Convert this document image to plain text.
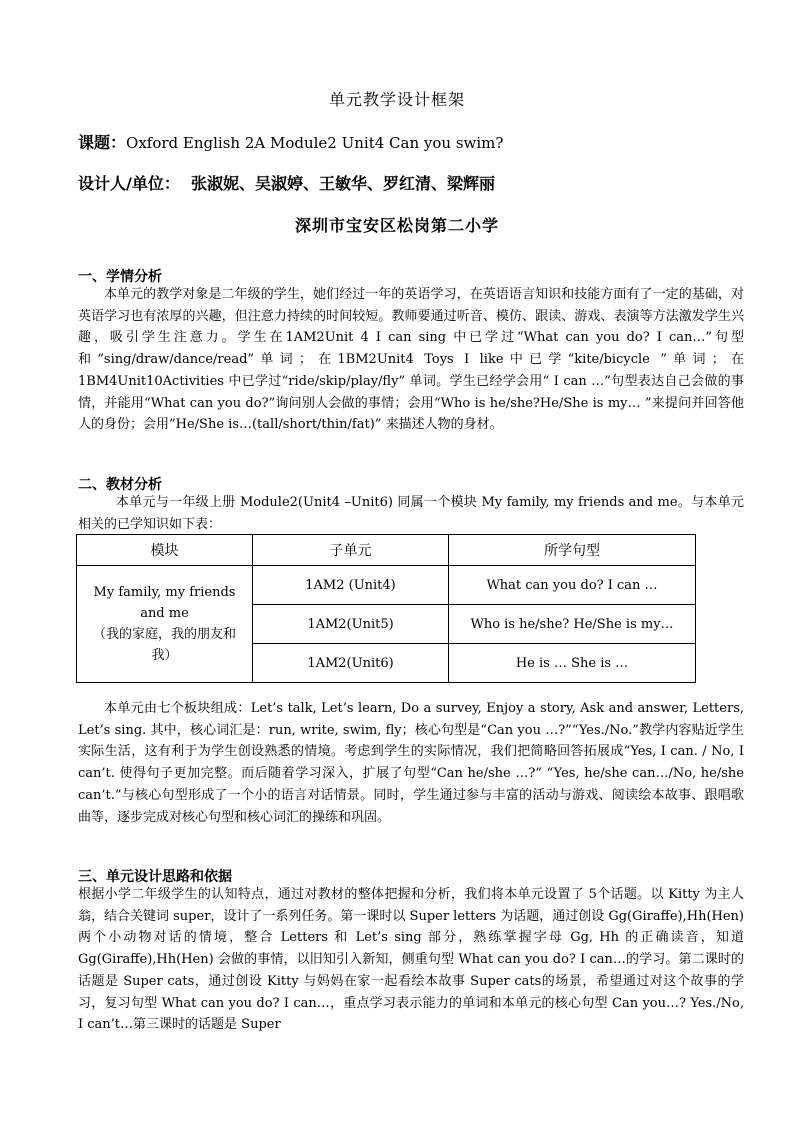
单元教学设计框架
课题：Oxford English 2A Module2 Unit4 Can you swim?
设计人/单位： 张淑妮、吴淑婷、王敏华、罗红清、梁辉丽
深圳市宝安区松岗第二小学
一、学情分析
本单元的教学对象是二年级的学生，她们经过一年的英语学习，在英语语言知识和技能方面有了一定的基础，对英语学习也有浓厚的兴趣，但注意力持续的时间较短。教师要通过听音、模仿、跟读、游戏、表演等方法激发学生兴趣，吸引学生注意力。学生在1AM2Unit 4 I can sing 中已学过“What can you do? I can…”句型和“sing/draw/dance/read”单词；在1BM2Unit4 Toys I like中已学“kite/bicycle ”单词；在1BM4Unit10Activities 中已学过“ride/skip/play/fly” 单词。学生已经学会用“ I can …”句型表达自己会做的事情，并能用“What can you do?”询问别人会做的事情；会用“Who is he/she?He/She is my… ”来提问并回答他人的身份；会用”He/She is…(tall/short/thin/fat)” 来描述人物的身材。
二、教材分析
本单元与一年级上册 Module2(Unit4 –Unit6) 同属一个模块 My family, my friends and me。与本单元相关的已学知识如下表：
模块	子单元	所学句型

My family, my friends and me
（我的家庭，我的朋友和我）	1AM2 (Unit4)	What can you do? I can …
	1AM2(Unit5)	Who is he/she? He/She is my…
	1AM2(Unit6)	He is … She is …
本单元由七个板块组成：Let’s talk, Let’s learn, Do a survey, Enjoy a story, Ask and answer, Letters, Let’s sing. 其中，核心词汇是：run, write, swim, fly；核心句型是“Can you …?”“Yes./No.”教学内容贴近学生实际生活，这有利于为学生创设熟悉的情境。考虑到学生的实际情况，我们把简略回答拓展成“Yes, I can. / No, I can’t. 使得句子更加完整。而后随着学习深入，扩展了句型“Can he/she …?” “Yes, he/she can…/No, he/she can’t.”与核心句型形成了一个小的语言对话情景。同时，学生通过参与丰富的活动与游戏、阅读绘本故事、跟唱歌曲等，逐步完成对核心句型和核心词汇的操练和巩固。
三、单元设计思路和依据
根据小学二年级学生的认知特点，通过对教材的整体把握和分析，我们将本单元设置了 5个话题。以 Kitty 为主人翁，结合关键词 super，设计了一系列任务。第一课时以 Super letters 为话题，通过创设 Gg(Giraffe),Hh(Hen) 两个小动物对话的情境，整合 Letters 和 Let’s sing 部分，熟练掌握字母 Gg, Hh 的正确读音，知道 Gg(Giraffe),Hh(Hen) 会做的事情，以旧知引入新知，侧重句型 What can you do? I can…的学习。第二课时的话题是 Super cats，通过创设 Kitty 与妈妈在家一起看绘本故事 Super cats的场景，希望通过对这个故事的学习，复习句型 What can you do? I can…，重点学习表示能力的单词和本单元的核心句型 Can you…? Yes./No, I can’t…第三课时的话题是 Super
